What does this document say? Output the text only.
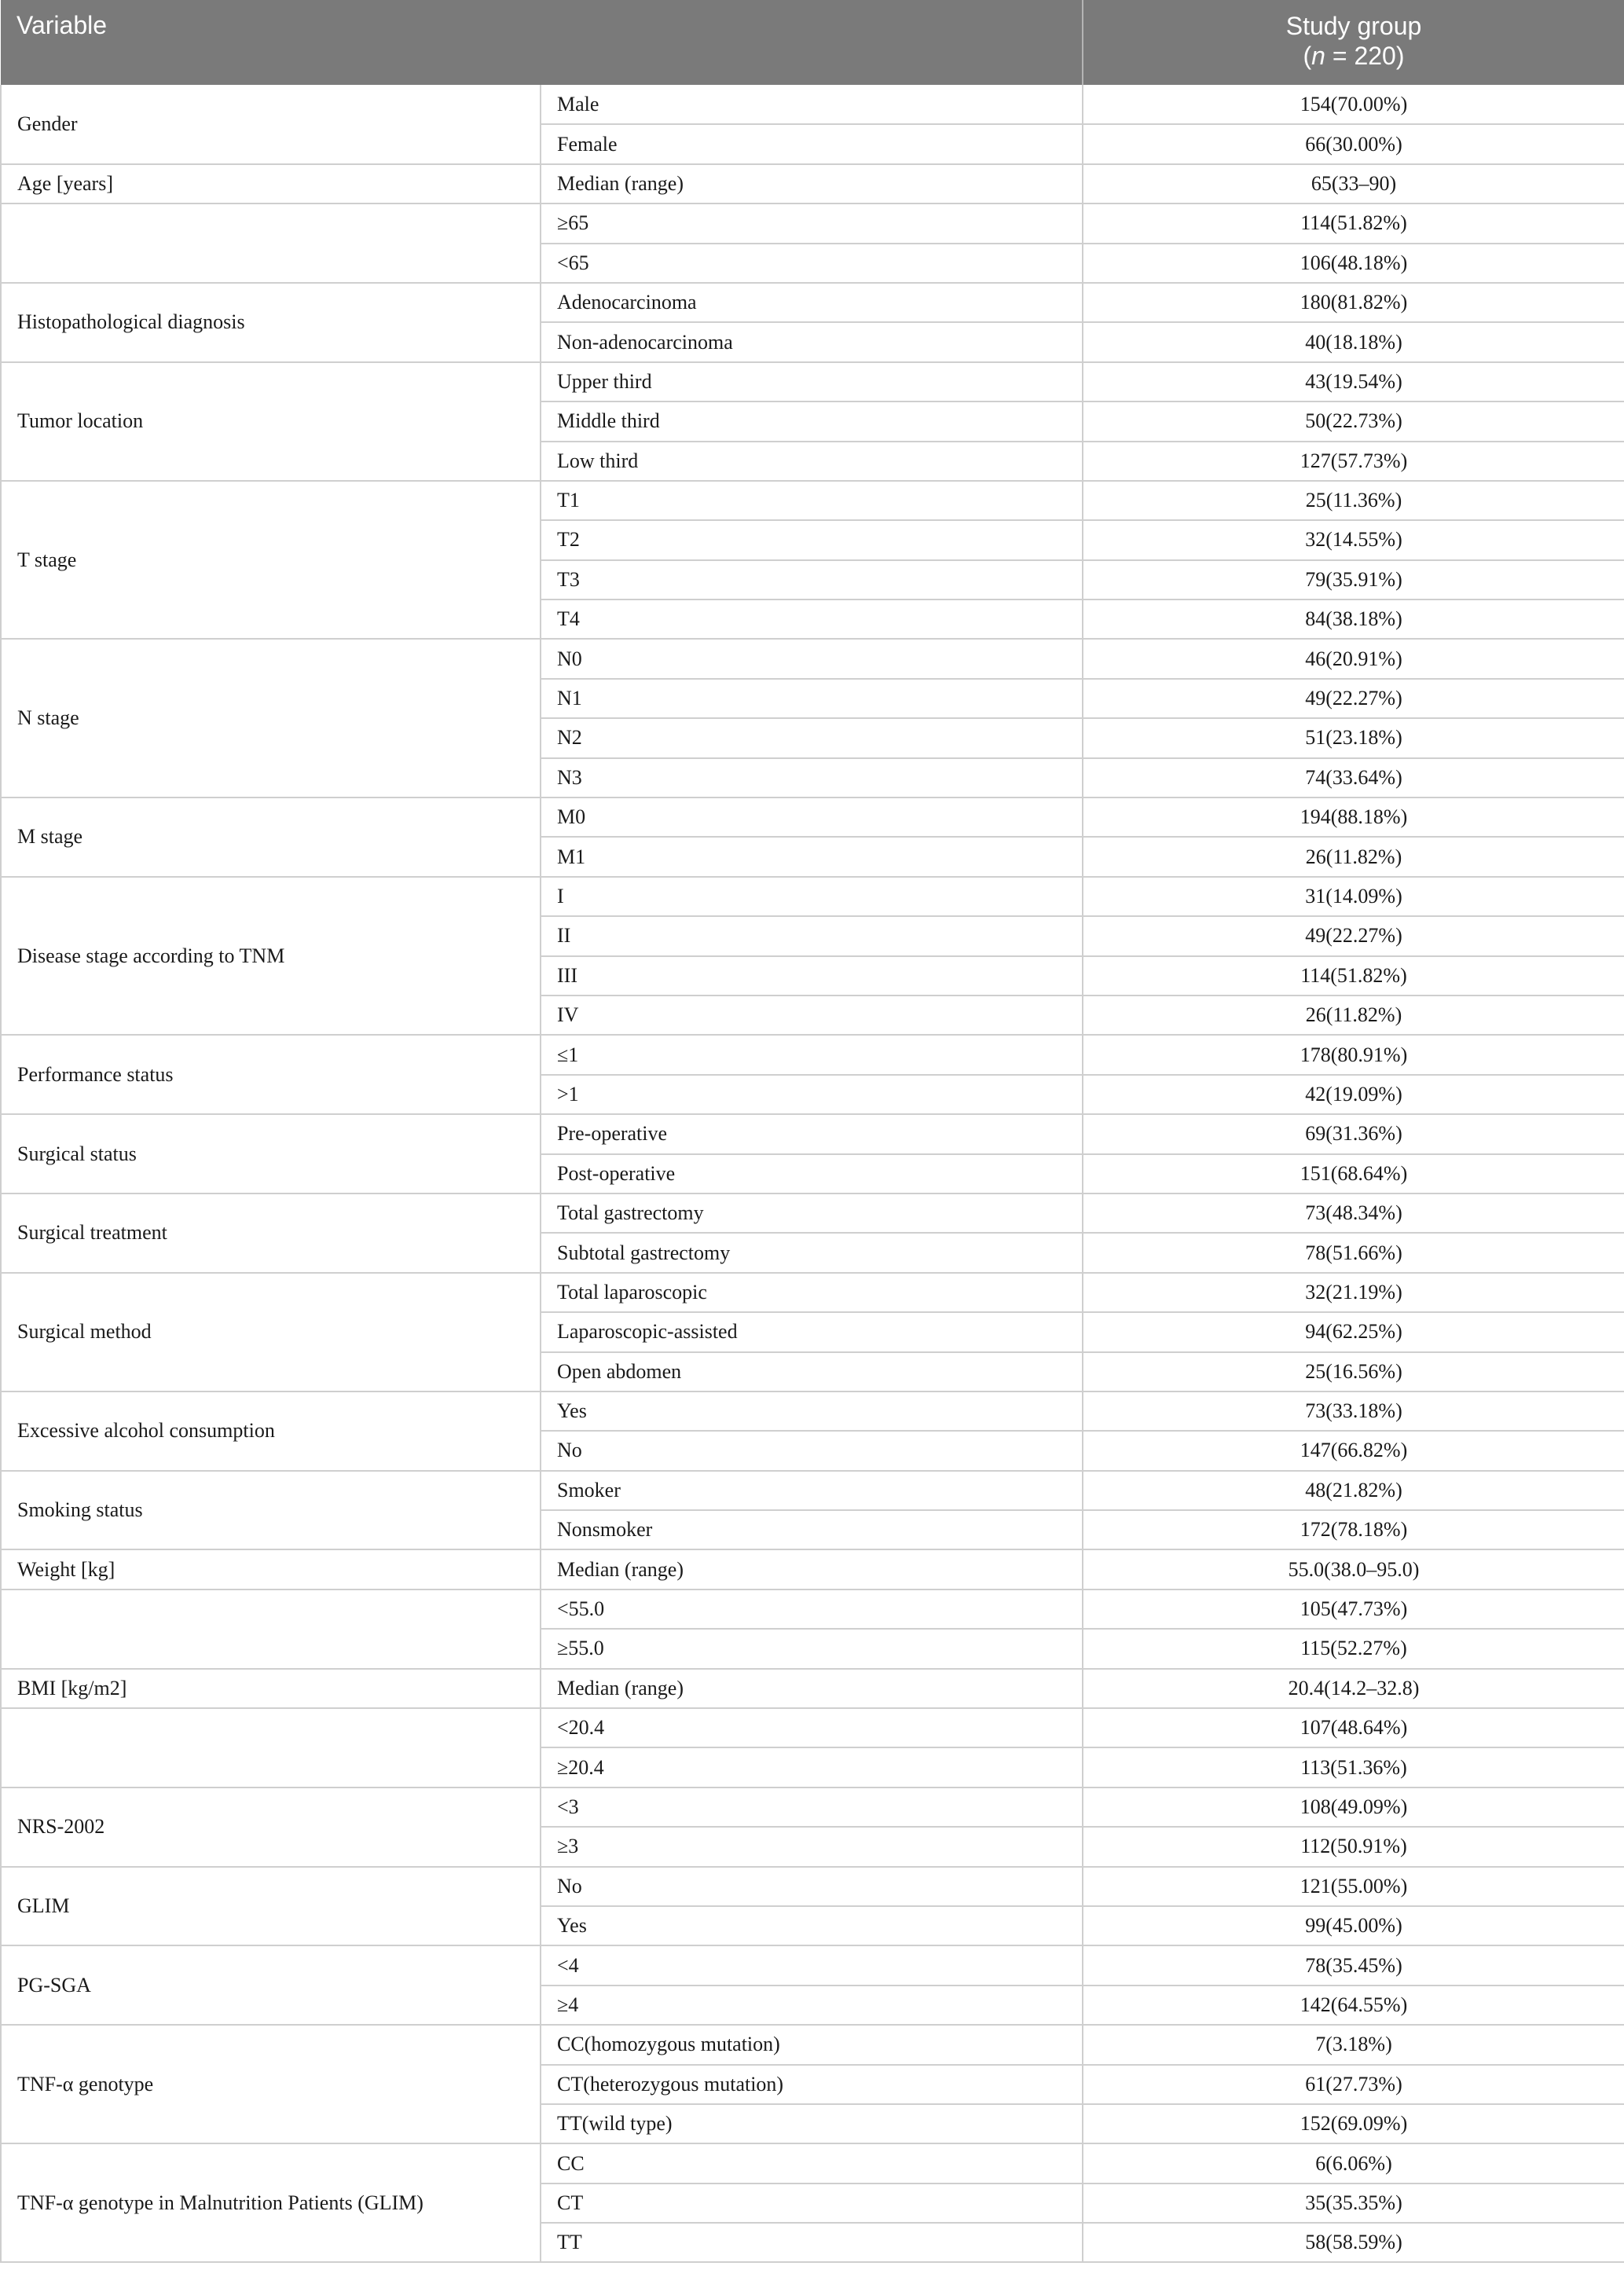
Variable		Study group
(n = 220)
Gender	Male	154(70.00%)
	Female	66(30.00%)
Age [years]	Median (range)	65(33–90)
	≥65	114(51.82%)
	<65	106(48.18%)
Histopathological diagnosis	Adenocarcinoma	180(81.82%)
	Non-adenocarcinoma	40(18.18%)
Tumor location	Upper third	43(19.54%)
	Middle third	50(22.73%)
	Low third	127(57.73%)
T stage	T1	25(11.36%)
	T2	32(14.55%)
	T3	79(35.91%)
	T4	84(38.18%)
N stage	N0	46(20.91%)
	N1	49(22.27%)
	N2	51(23.18%)
	N3	74(33.64%)
M stage	M0	194(88.18%)
	M1	26(11.82%)
Disease stage according to TNM	I	31(14.09%)
	II	49(22.27%)
	III	114(51.82%)
	IV	26(11.82%)
Performance status	≤1	178(80.91%)
	>1	42(19.09%)
Surgical status	Pre-operative	69(31.36%)
	Post-operative	151(68.64%)
Surgical treatment	Total gastrectomy	73(48.34%)
	Subtotal gastrectomy	78(51.66%)
Surgical method	Total laparoscopic	32(21.19%)
	Laparoscopic-assisted	94(62.25%)
	Open abdomen	25(16.56%)
Excessive alcohol consumption	Yes	73(33.18%)
	No	147(66.82%)
Smoking status	Smoker	48(21.82%)
	Nonsmoker	172(78.18%)
Weight [kg]	Median (range)	55.0(38.0–95.0)
	<55.0	105(47.73%)
	≥55.0	115(52.27%)
BMI [kg/m2]	Median (range)	20.4(14.2–32.8)
	<20.4	107(48.64%)
	≥20.4	113(51.36%)
NRS-2002	<3	108(49.09%)
	≥3	112(50.91%)
GLIM	No	121(55.00%)
	Yes	99(45.00%)
PG-SGA	<4	78(35.45%)
	≥4	142(64.55%)
TNF-α genotype	CC(homozygous mutation)	7(3.18%)
	CT(heterozygous mutation)	61(27.73%)
	TT(wild type)	152(69.09%)
TNF-α genotype in Malnutrition Patients (GLIM)	CC	6(6.06%)
	CT	35(35.35%)
	TT	58(58.59%)
